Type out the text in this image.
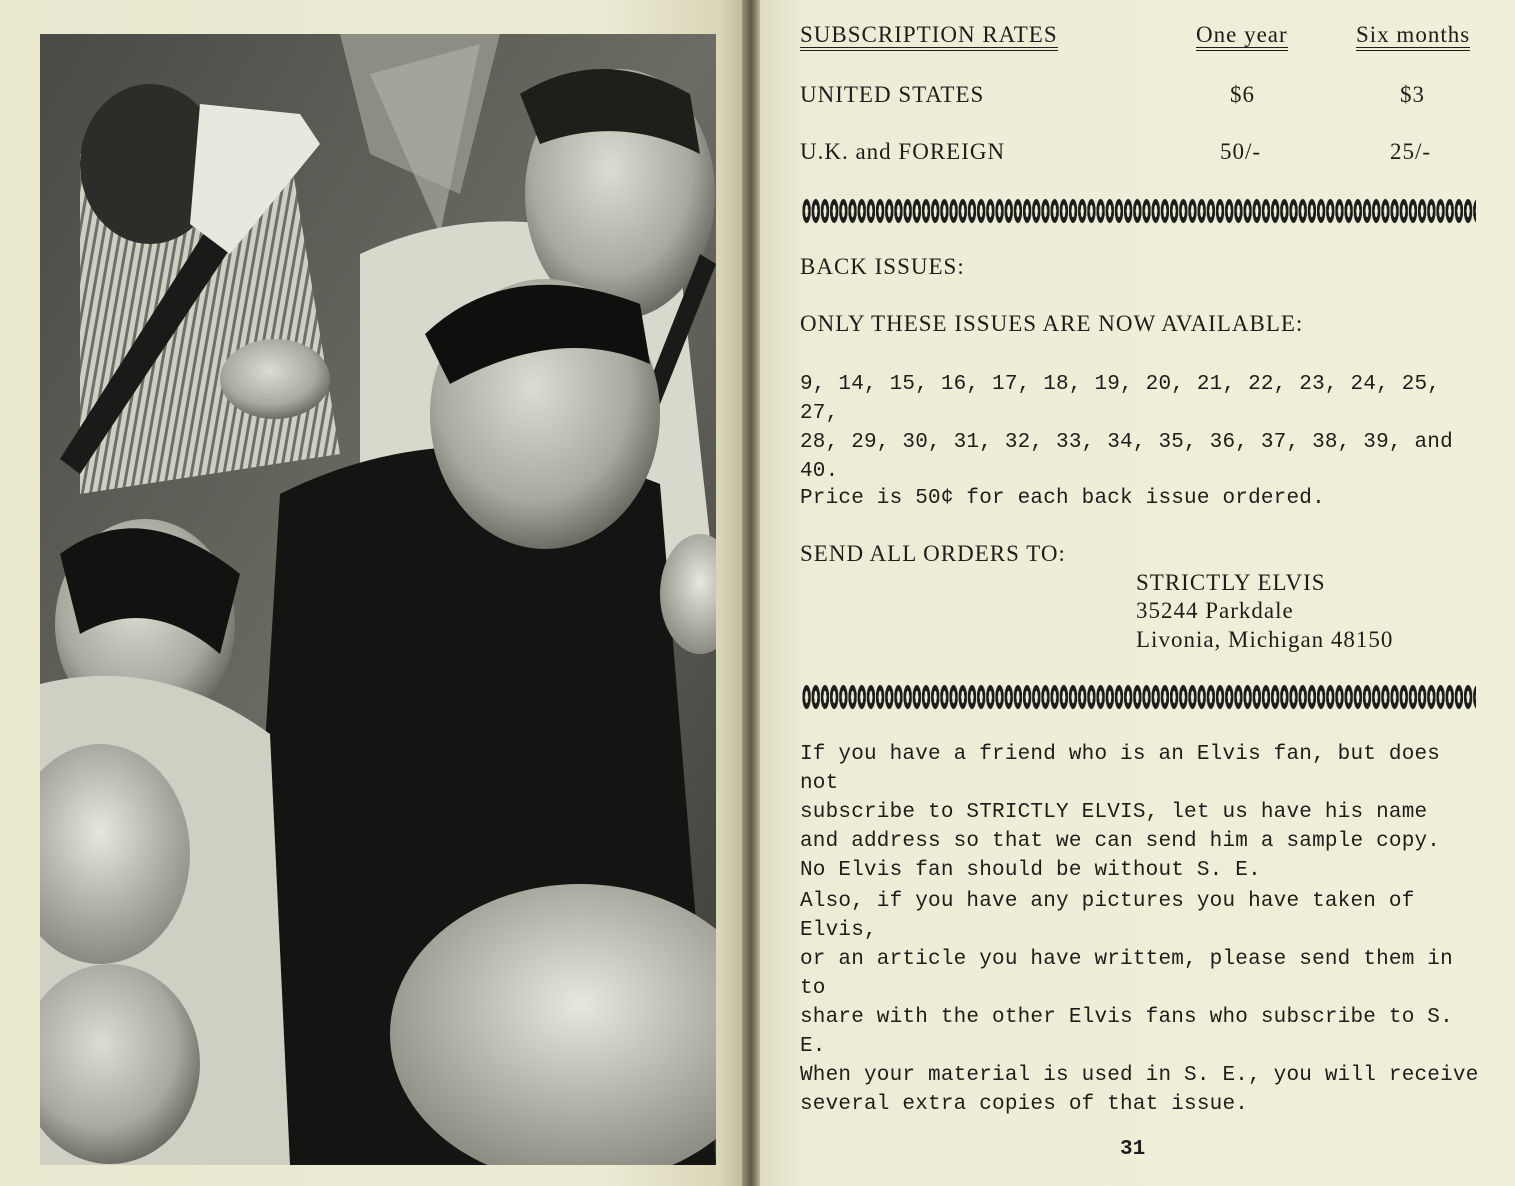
SUBSCRIPTION RATES	One year	Six months
UNITED STATES	$6	$3
U.K. and FOREIGN	50/-	25/-
BACK ISSUES:
ONLY THESE ISSUES ARE NOW AVAILABLE:

9, 14, 15, 16, 17, 18, 19, 20, 21, 22, 23, 24, 25, 27,

28, 29, 30, 31, 32, 33, 34, 35, 36, 37, 38, 39, and

40.

Price is 50¢ for each back issue ordered.
SEND ALL ORDERS TO:
STRICTLY ELVIS
35244 Parkdale
Livonia, Michigan 48150

If you have a friend who is an Elvis fan, but does not

subscribe to STRICTLY ELVIS, let us have his name

and address so that we can send him a sample copy.

No Elvis fan should be without S. E.

Also, if you have any pictures you have taken of Elvis,

or an article you have writtem, please send them in to

share with the other Elvis fans who subscribe to S. E.

When your material is used in S. E., you will receive

several extra copies of that issue.

31
